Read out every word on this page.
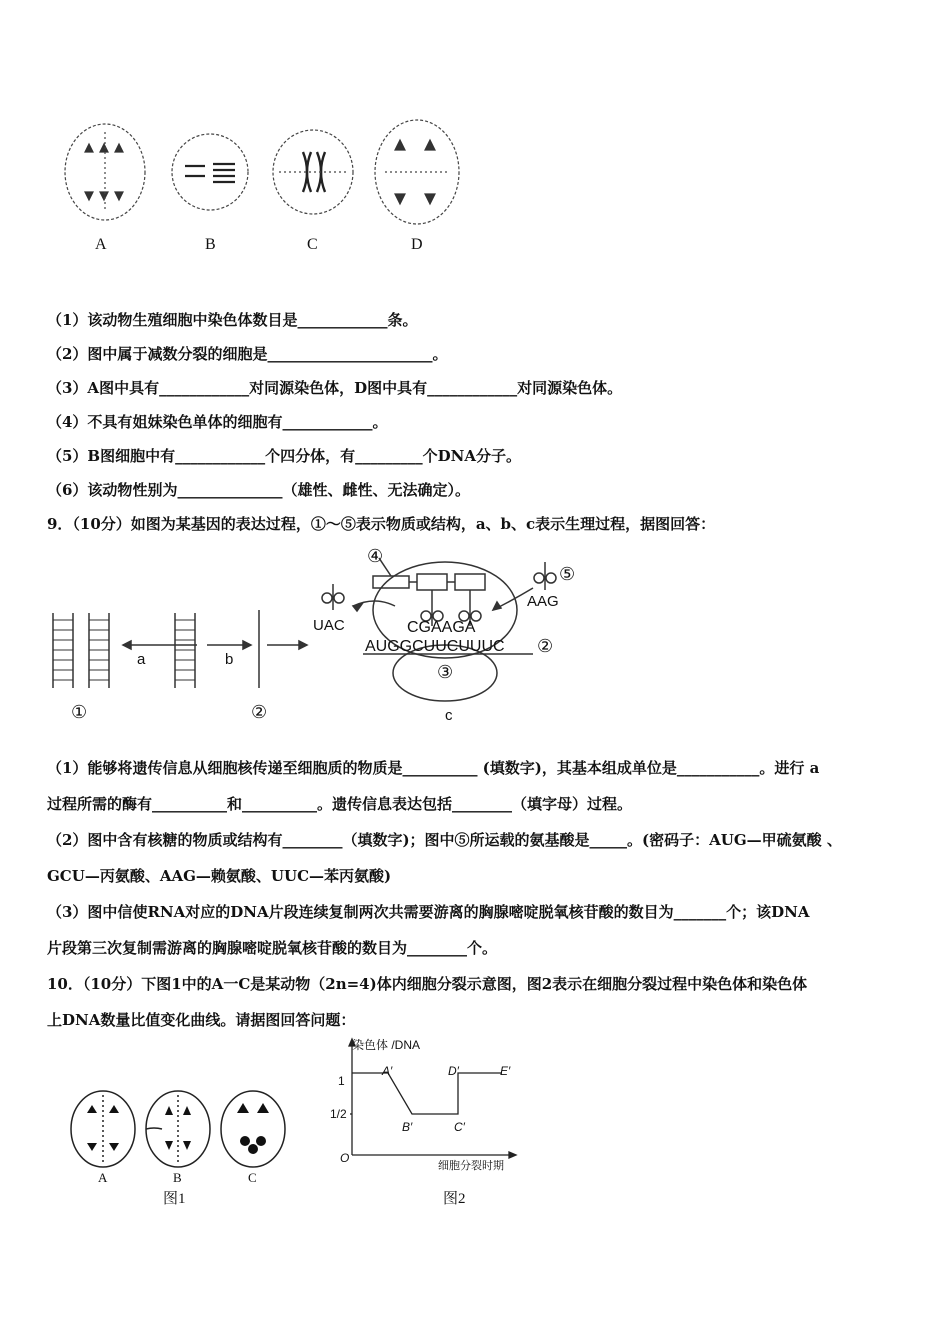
A	B	C	D
（1）该动物生殖细胞中染色体数目是____________条。
（2）图中属于减数分裂的细胞是______________________。
（3）A图中具有____________对同源染色体，D图中具有____________对同源染色体。
（4）不具有姐妹染色单体的细胞有____________。
（5）B图细胞中有____________个四分体，有_________个DNA分子。
（6）该动物性别为______________（雄性、雌性、无法确定）。
9．（10分）如图为某基因的表达过程，①～⑤表示物质或结构，a、b、c表示生理过程，据图回答：
a	b
①	②	c
③
④
⑤
②
UAC
AAG
CGAAGA
AUGGCUUCUUUC
（1）能够将遗传信息从细胞核传递至细胞质的物质是__________ (填数字)，其基本组成单位是___________。进行 a
过程所需的酶有__________和__________。遗传信息表达包括________（填字母）过程。
（2）图中含有核糖的物质或结构有________（填数字)；图中⑤所运载的氨基酸是_____。(密码子：AUG—甲硫氨酸 、
GCU—丙氨酸、AAG—赖氨酸、UUC—苯丙氨酸)
（3）图中信使RNA对应的DNA片段连续复制两次共需要游离的胸腺嘧啶脱氧核苷酸的数目为_______个；该DNA
片段第三次复制需游离的胸腺嘧啶脱氧核苷酸的数目为________个。
10．（10分）下图1中的A一C是某动物（2n=4)体内细胞分裂示意图，图2表示在细胞分裂过程中染色体和染色体
上DNA数量比值变化曲线。请据图回答问题：
A	B	C
图1
染色体 /DNA
细胞分裂时期
O
1
1/2
A′
B′	C′
D′	E′
图2
